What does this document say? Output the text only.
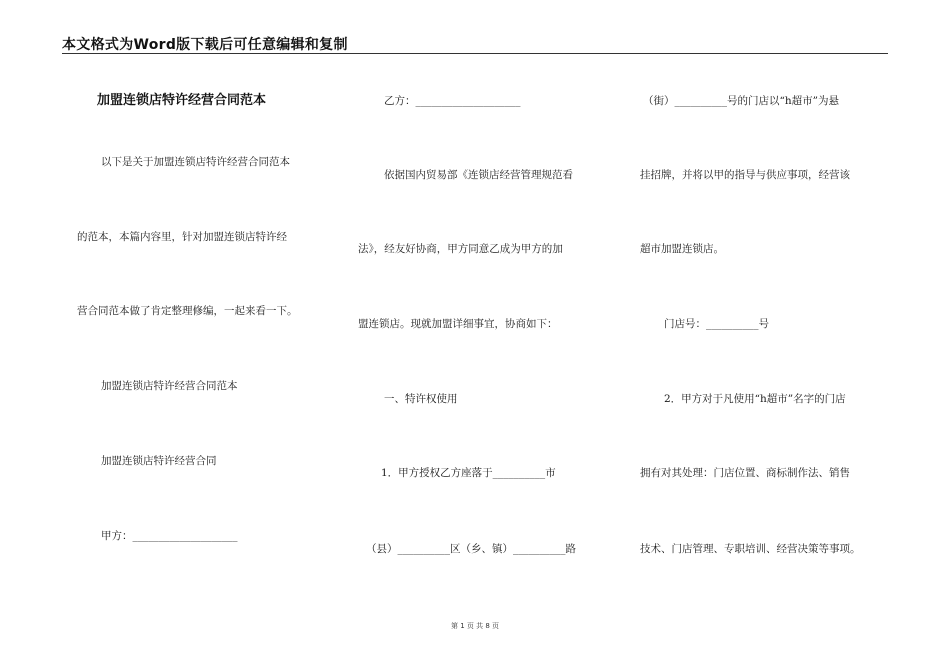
本文格式为Word版下载后可任意编辑和复制
加盟连锁店特许经营合同范本
以下是关于加盟连锁店特许经营合同范本
的范本，本篇内容里，针对加盟连锁店特许经
营合同范本做了肯定整理修编，一起来看一下。
加盟连锁店特许经营合同范本
加盟连锁店特许经营合同
甲方：____________________
乙方：____________________
依据国内贸易部《连锁店经营管理规范看
法》，经友好协商，甲方同意乙成为甲方的加
盟连锁店。现就加盟详细事宜，协商如下：
一、特许权使用
1．甲方授权乙方座落于__________市
（县）__________区（乡、镇）__________路
（街）__________号的门店以“h超市”为悬
挂招牌，并将以甲的指导与供应事项，经营该
超市加盟连锁店。
门店号：__________号
2．甲方对于凡使用“h超市”名字的门店
拥有对其处理：门店位置、商标制作法、销售
技术、门店管理、专职培训、经营决策等事项。
第 1 页 共 8 页
